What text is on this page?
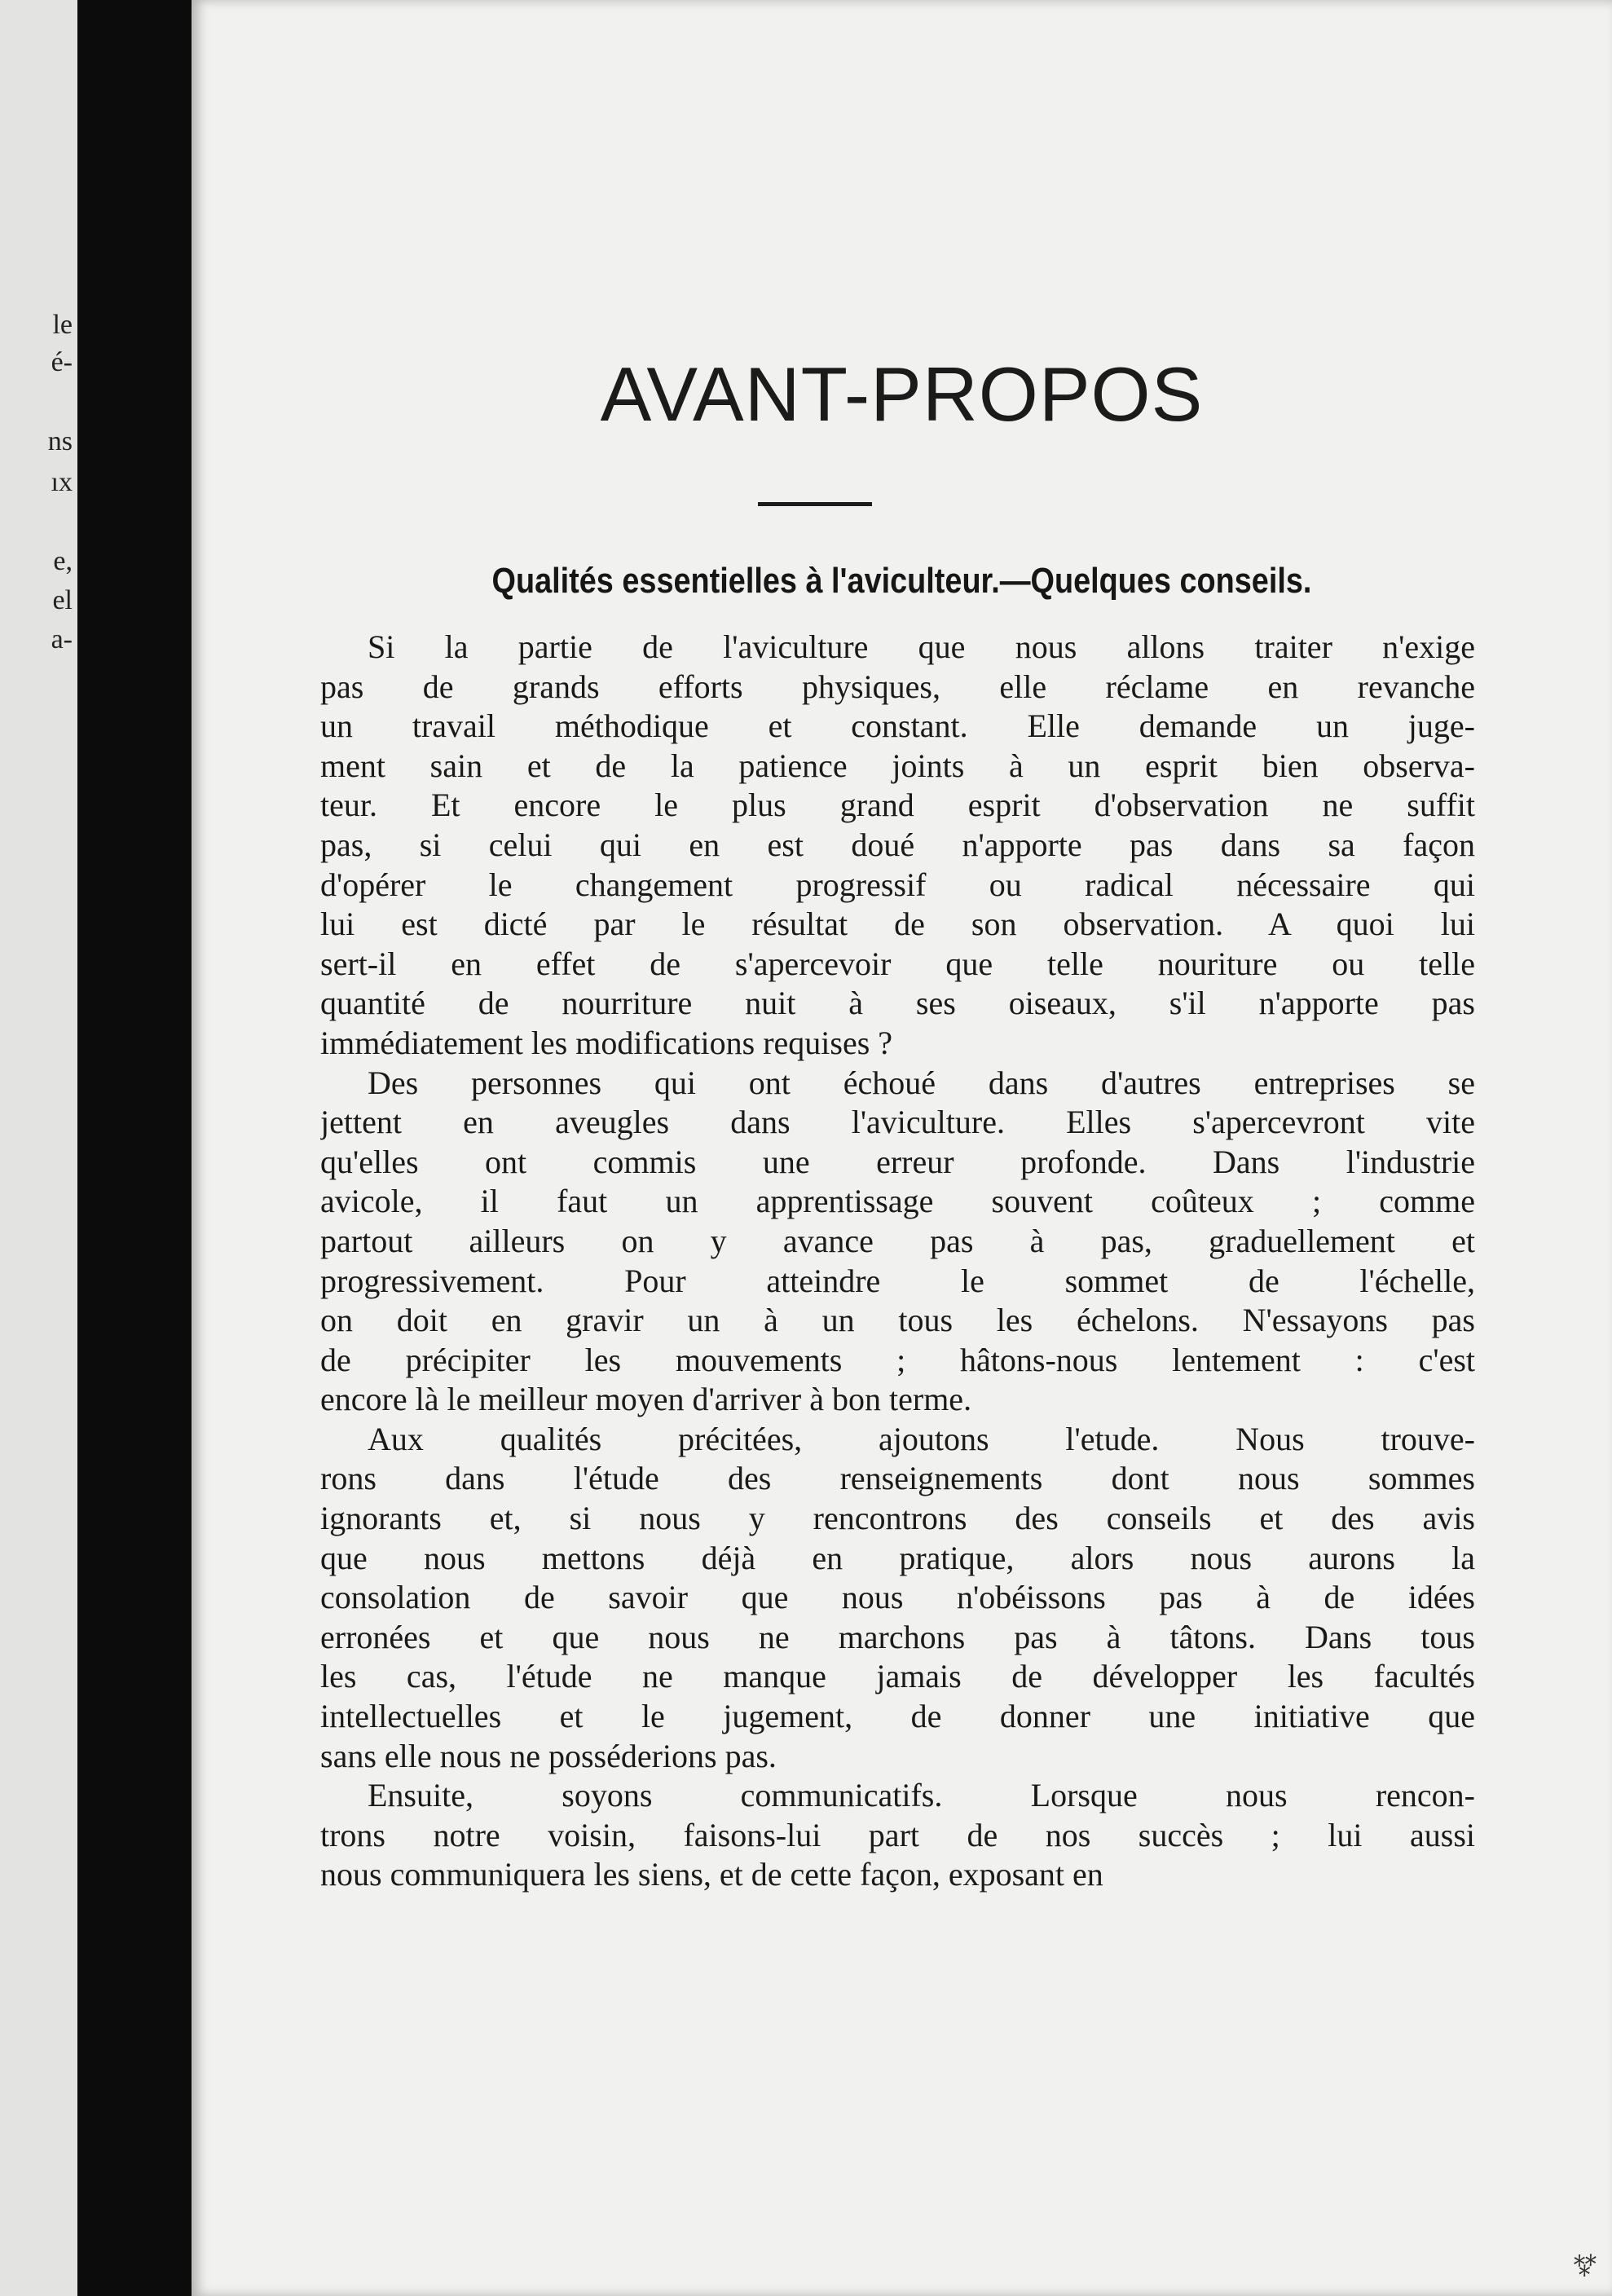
le
é-
ns
ıx
e,
el
a-
AVANT-PROPOS
Qualités essentielles à l'aviculteur.—Quelques conseils.
Si la partie de l'aviculture que nous allons traiter n'exige
pas de grands efforts physiques, elle réclame en revanche
un travail méthodique et constant. Elle demande un juge-
ment sain et de la patience joints à un esprit bien observa-
teur. Et encore le plus grand esprit d'observation ne suffit
pas, si celui qui en est doué n'apporte pas dans sa façon
d'opérer le changement progressif ou radical nécessaire qui
lui est dicté par le résultat de son observation. A quoi lui
sert-il en effet de s'apercevoir que telle nouriture ou telle
quantité de nourriture nuit à ses oiseaux, s'il n'apporte pas
immédiatement les modifications requises ?
Des personnes qui ont échoué dans d'autres entreprises se
jettent en aveugles dans l'aviculture. Elles s'apercevront vite
qu'elles ont commis une erreur profonde. Dans l'industrie
avicole, il faut un apprentissage souvent coûteux ; comme
partout ailleurs on y avance pas à pas, graduellement et
progressivement. Pour atteindre le sommet de l'échelle,
on doit en gravir un à un tous les échelons. N'essayons pas
de précipiter les mouvements ; hâtons-nous lentement : c'est
encore là le meilleur moyen d'arriver à bon terme.
Aux qualités précitées, ajoutons l'etude. Nous trouve-
rons dans l'étude des renseignements dont nous sommes
ignorants et, si nous y rencontrons des conseils et des avis
que nous mettons déjà en pratique, alors nous aurons la
consolation de savoir que nous n'obéissons pas à de idées
erronées et que nous ne marchons pas à tâtons. Dans tous
les cas, l'étude ne manque jamais de développer les facultés
intellectuelles et le jugement, de donner une initiative que
sans elle nous ne posséderions pas.
Ensuite, soyons communicatifs. Lorsque nous rencon-
trons notre voisin, faisons-lui part de nos succès ; lui aussi
nous communiquera les siens, et de cette façon, exposant en
⁂
